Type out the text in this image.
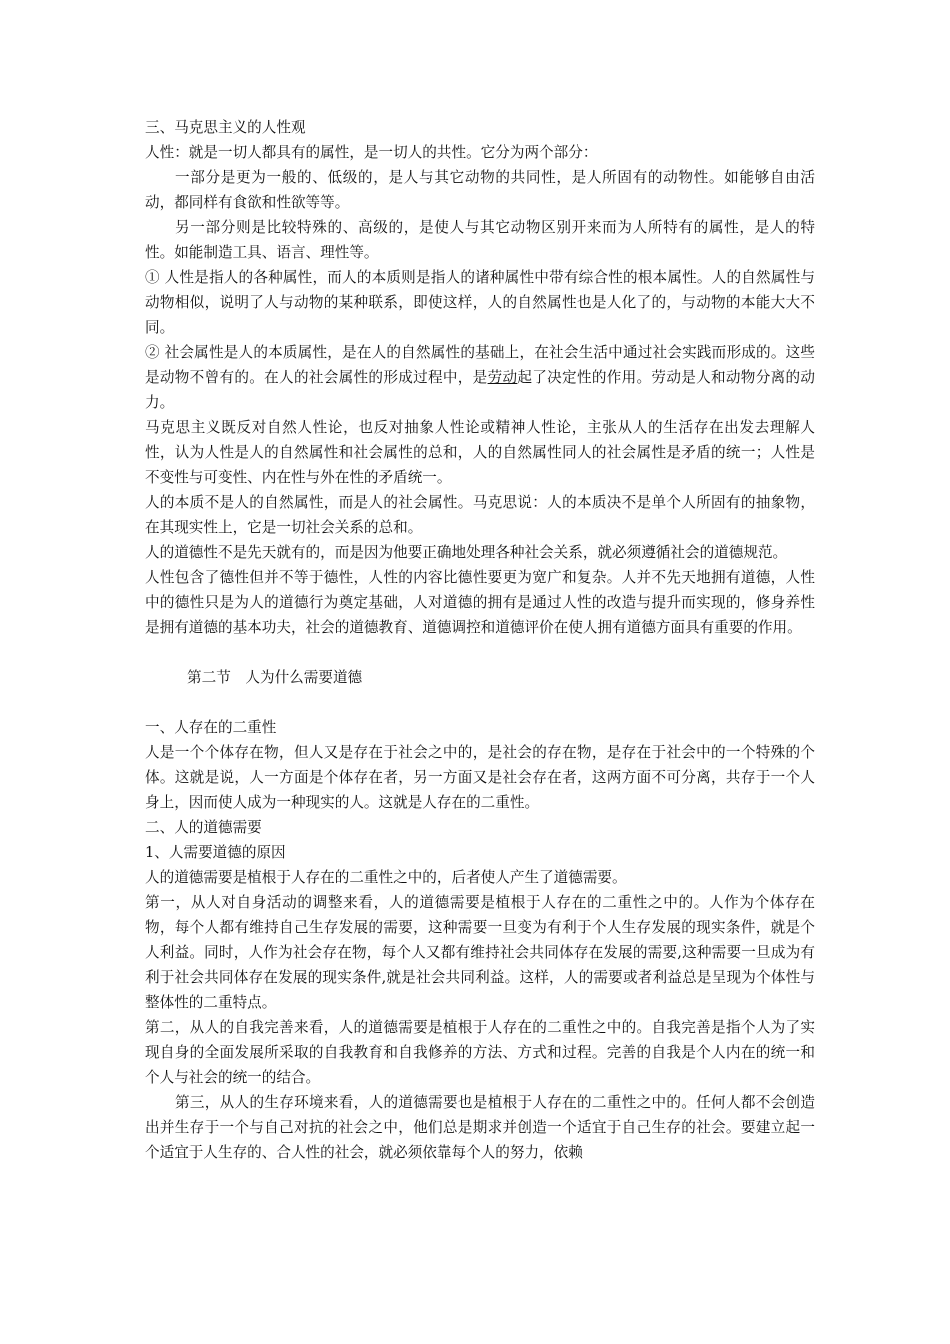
三、马克思主义的人性观

人性：就是一切人都具有的属性，是一切人的共性。它分为两个部分：

一部分是更为一般的、低级的，是人与其它动物的共同性，是人所固有的动物性。如能够自由活动，都同样有食欲和性欲等等。

另一部分则是比较特殊的、高级的，是使人与其它动物区别开来而为人所特有的属性，是人的特性。如能制造工具、语言、理性等。

① 人性是指人的各种属性，而人的本质则是指人的诸种属性中带有综合性的根本属性。人的自然属性与动物相似，说明了人与动物的某种联系，即使这样，人的自然属性也是人化了的，与动物的本能大大不同。

② 社会属性是人的本质属性，是在人的自然属性的基础上，在社会生活中通过社会实践而形成的。这些是动物不曾有的。在人的社会属性的形成过程中，是劳动起了决定性的作用。劳动是人和动物分离的动力。

马克思主义既反对自然人性论，也反对抽象人性论或精神人性论，主张从人的生活存在出发去理解人性，认为人性是人的自然属性和社会属性的总和，人的自然属性同人的社会属性是矛盾的统一；人性是不变性与可变性、内在性与外在性的矛盾统一。

人的本质不是人的自然属性，而是人的社会属性。马克思说：人的本质决不是单个人所固有的抽象物，在其现实性上，它是一切社会关系的总和。

人的道德性不是先天就有的，而是因为他要正确地处理各种社会关系，就必须遵循社会的道德规范。

人性包含了德性但并不等于德性，人性的内容比德性要更为宽广和复杂。人并不先天地拥有道德，人性中的德性只是为人的道德行为奠定基础，人对道德的拥有是通过人性的改造与提升而实现的，修身养性是拥有道德的基本功夫，社会的道德教育、道德调控和道德评价在使人拥有道德方面具有重要的作用。

第二节　人为什么需要道德

一、人存在的二重性

人是一个个体存在物，但人又是存在于社会之中的，是社会的存在物，是存在于社会中的一个特殊的个体。这就是说，人一方面是个体存在者，另一方面又是社会存在者，这两方面不可分离，共存于一个人身上，因而使人成为一种现实的人。这就是人存在的二重性。

二、人的道德需要

1、人需要道德的原因

人的道德需要是植根于人存在的二重性之中的，后者使人产生了道德需要。

第一，从人对自身活动的调整来看，人的道德需要是植根于人存在的二重性之中的。人作为个体存在物，每个人都有维持自己生存发展的需要，这种需要一旦变为有利于个人生存发展的现实条件，就是个人利益。同时，人作为社会存在物，每个人又都有维持社会共同体存在发展的需要,这种需要一旦成为有利于社会共同体存在发展的现实条件,就是社会共同利益。这样，人的需要或者利益总是呈现为个体性与整体性的二重特点。

第二，从人的自我完善来看，人的道德需要是植根于人存在的二重性之中的。自我完善是指个人为了实现自身的全面发展所采取的自我教育和自我修养的方法、方式和过程。完善的自我是个人内在的统一和个人与社会的统一的结合。

第三，从人的生存环境来看，人的道德需要也是植根于人存在的二重性之中的。任何人都不会创造出并生存于一个与自己对抗的社会之中，他们总是期求并创造一个适宜于自己生存的社会。要建立起一个适宜于人生存的、合人性的社会，就必须依靠每个人的努力，依赖
